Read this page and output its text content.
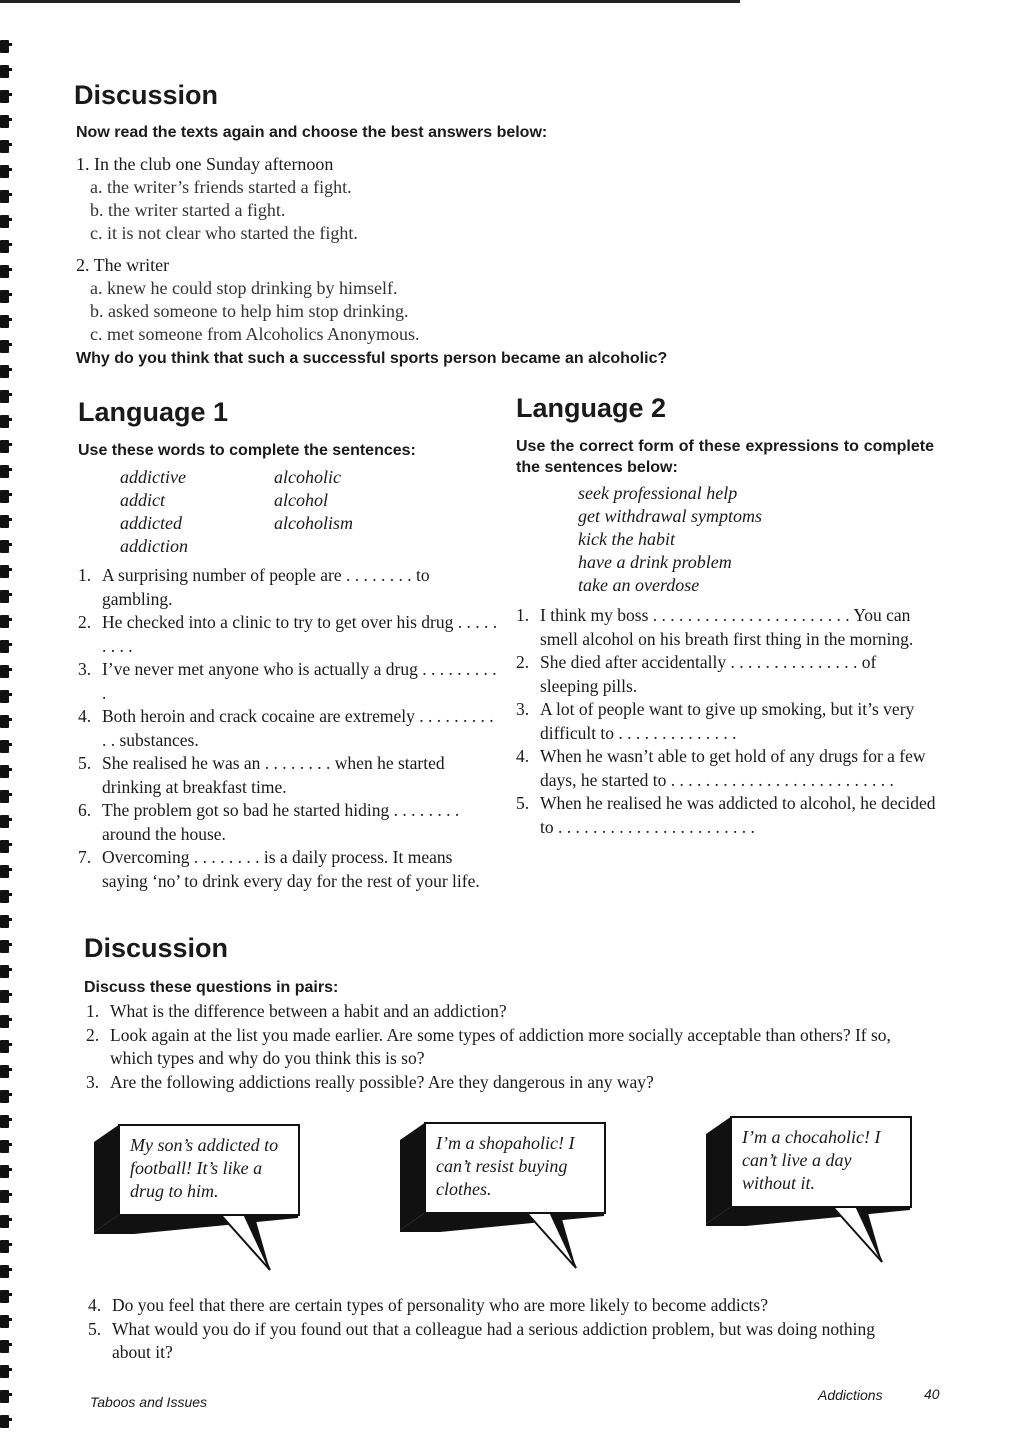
Discussion

Now read the texts again and choose the best answers below:

1. In the club one Sunday afternoon
a. the writer’s friends started a fight.
b. the writer started a fight.
c. it is not clear who started the fight.
2. The writer
a. knew he could stop drinking by himself.
b. asked someone to help him stop drinking.
c. met someone from Alcoholics Anonymous.

Why do you think that such a successful sports person became an alcoholic?

Language 1

Use these words to complete the sentences:

addictive
addict
addicted
addiction
alcoholic
alcohol
alcoholism
1. A surprising number of people are . . . . . . . . to gambling.
2. He checked into a clinic to try to get over his drug . . . . . . . . .
3. I’ve never met anyone who is actually a drug . . . . . . . . . .
4. Both heroin and crack cocaine are extremely . . . . . . . . . . . substances.
5. She realised he was an . . . . . . . . when he started drinking at breakfast time.
6. The problem got so bad he started hiding . . . . . . . . around the house.
7. Overcoming . . . . . . . . is a daily process. It means saying ‘no’ to drink every day for the rest of your life.
Language 2

Use the correct form of these expressions to complete the sentences below:

seek professional help
get withdrawal symptoms
kick the habit
have a drink problem
take an overdose
1. I think my boss . . . . . . . . . . . . . . . . . . . . . . . You can smell alcohol on his breath first thing in the morning.
2. She died after accidentally . . . . . . . . . . . . . . . of sleeping pills.
3. A lot of people want to give up smoking, but it’s very difficult to . . . . . . . . . . . . . .
4. When he wasn’t able to get hold of any drugs for a few days, he started to . . . . . . . . . . . . . . . . . . . . . . . . . .
5. When he realised he was addicted to alcohol, he decided to . . . . . . . . . . . . . . . . . . . . . . .
Discussion

Discuss these questions in pairs:

1. What is the difference between a habit and an addiction?
2. Look again at the list you made earlier. Are some types of addiction more socially acceptable than others? If so, which types and why do you think this is so?
3. Are the following addictions really possible? Are they dangerous in any way?
My son’s addicted to football! It’s like a drug to him.
I’m a shopaholic! I can’t resist buying clothes.
I’m a chocaholic! I can’t live a day without it.
4. Do you feel that there are certain types of personality who are more likely to become addicts?
5. What would you do if you found out that a colleague had a serious addiction problem, but was doing nothing about it?
Taboos and Issues	Addictions	40
